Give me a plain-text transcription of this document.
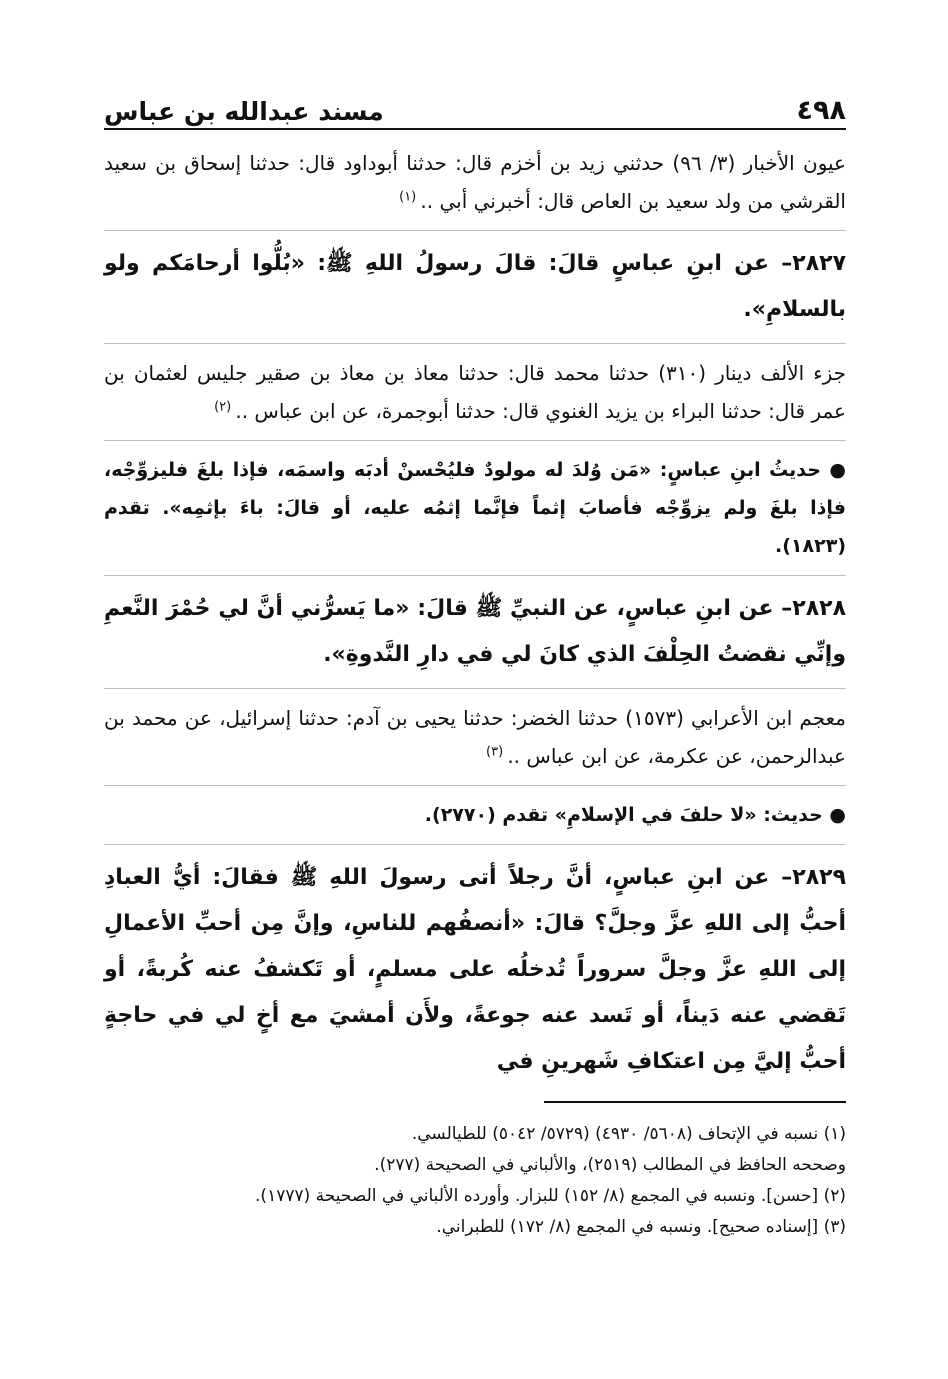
٤٩٨
مسند عبدالله بن عباس
عيون الأخبار (٣/ ٩٦) حدثني زيد بن أخزم قال: حدثنا أبوداود قال: حدثنا إسحاق بن سعيد القرشي من ولد سعيد بن العاص قال: أخبرني أبي .. $^{(١)}$
٢٨٢٧– عن ابنِ عباسٍ قالَ: قالَ رسولُ اللهِ ﷺ: «بُلُّوا أرحامَكم ولو بالسلامِ».
جزء الألف دينار (٣١٠) حدثنا محمد قال: حدثنا معاذ بن معاذ بن صقير جليس لعثمان بن عمر قال: حدثنا البراء بن يزيد الغنوي قال: حدثنا أبوجمرة، عن ابن عباس .. $^{(٢)}$
● حديثُ ابنِ عباسٍ: «مَن وُلدَ له مولودٌ فليُحْسنْ أدبَه واسمَه، فإذا بلغَ فليزوِّجْه، فإذا بلغَ ولم يزوِّجْه فأصابَ إثماً فإنَّما إثمُه عليه، أو قالَ: باءَ بإثمِه». تقدم (١٨٢٣).
٢٨٢٨– عن ابنِ عباسٍ، عن النبيِّ ﷺ قالَ: «ما يَسرُّني أنَّ لي حُمْرَ النَّعمِ وإنِّي نقضتُ الحِلْفَ الذي كانَ لي في دارِ النَّدوةِ».
معجم ابن الأعرابي (١٥٧٣) حدثنا الخضر: حدثنا يحيى بن آدم: حدثنا إسرائيل، عن محمد بن عبدالرحمن، عن عكرمة، عن ابن عباس .. $^{(٣)}$
● حديث: «لا حلفَ في الإسلامِ» تقدم (٢٧٧٠).
٢٨٢٩– عن ابنِ عباسٍ، أنَّ رجلاً أتى رسولَ اللهِ ﷺ فقالَ: أيُّ العبادِ أحبُّ إلى اللهِ عزَّ وجلَّ؟ قالَ: «أنصفُهم للناسِ، وإنَّ مِن أحبِّ الأعمالِ إلى اللهِ عزَّ وجلَّ سروراً تُدخلُه على مسلمٍ، أو تَكشفُ عنه كُربةً، أو تَقضي عنه دَيناً، أو تَسد عنه جوعةً، ولأَن أمشيَ مع أخٍ لي في حاجةٍ أحبُّ إليَّ مِن اعتكافِ شَهرينِ في
(١) نسبه في الإتحاف (٥٦٠٨/ ٤٩٣٠) (٥٧٢٩/ ٥٠٤٢) للطيالسي.
وصححه الحافظ في المطالب (٢٥١٩)، والألباني في الصحيحة (٢٧٧).
(٢) [حسن]. ونسبه في المجمع (٨/ ١٥٢) للبزار. وأورده الألباني في الصحيحة (١٧٧٧).
(٣) [إسناده صحيح]. ونسبه في المجمع (٨/ ١٧٢) للطبراني.
